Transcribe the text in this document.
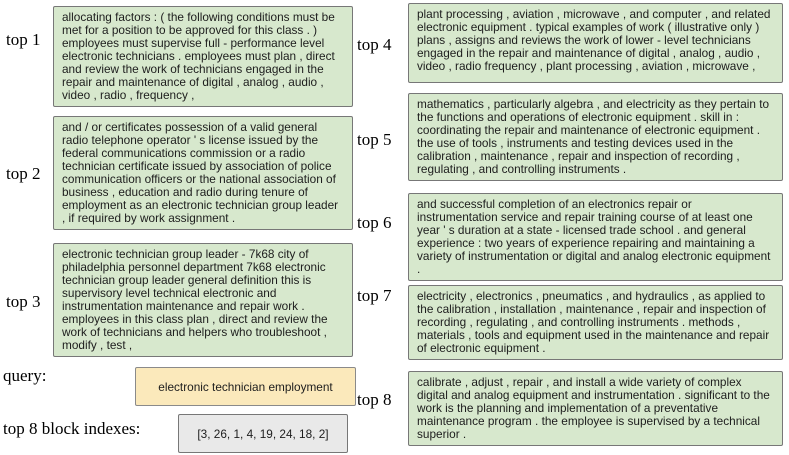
top 1
allocating factors : ( the following conditions must be met for a position to be approved for this class . ) employees must supervise full - performance level electronic technicians . employees must plan , direct and review the work of technicians engaged in the repair and maintenance of digital , analog , audio , video , radio , frequency ,
top 2
and / or certificates possession of a valid general radio telephone operator ' s license issued by the federal communications commission or a radio technician certificate issued by association of police communication officers or the national association of business , education and radio during tenure of employment as an electronic technician group leader , if required by work assignment .
top 3
electronic technician group leader - 7k68 city of philadelphia personnel department 7k68 electronic technician group leader general definition this is supervisory level technical electronic and instrumentation maintenance and repair work . employees in this class plan , direct and review the work of technicians and helpers who troubleshoot , modify , test ,
top 4
plant processing , aviation , microwave , and computer , and related electronic equipment . typical examples of work ( illustrative only ) plans , assigns and reviews the work of lower - level technicians engaged in the repair and maintenance of digital , analog , audio , video , radio frequency , plant processing , aviation , microwave ,
top 5
mathematics , particularly algebra , and electricity as they pertain to the functions and operations of electronic equipment . skill in : coordinating the repair and maintenance of electronic equipment . the use of tools , instruments and testing devices used in the calibration , maintenance , repair and inspection of recording , regulating , and controlling instruments .
top 6
and successful completion of an electronics repair or instrumentation service and repair training course of at least one year ' s duration at a state - licensed trade school . and general experience : two years of experience repairing and maintaining a variety of instrumentation or digital and analog electronic equipment .
top 7	electricity , electronics , pneumatics , and hydraulics , as applied to the calibration , installation , maintenance , repair and inspection of recording , regulating , and controlling instruments . methods , materials , tools and equipment used in the maintenance and repair of electronic equipment .
top 8
calibrate , adjust , repair , and install a wide variety of complex digital and analog equipment and instrumentation . significant to the work is the planning and implementation of a preventative maintenance program . the employee is supervised by a technical superior .
query:
electronic technician employment
top 8 block indexes:	[3, 26, 1, 4, 19, 24, 18, 2]
